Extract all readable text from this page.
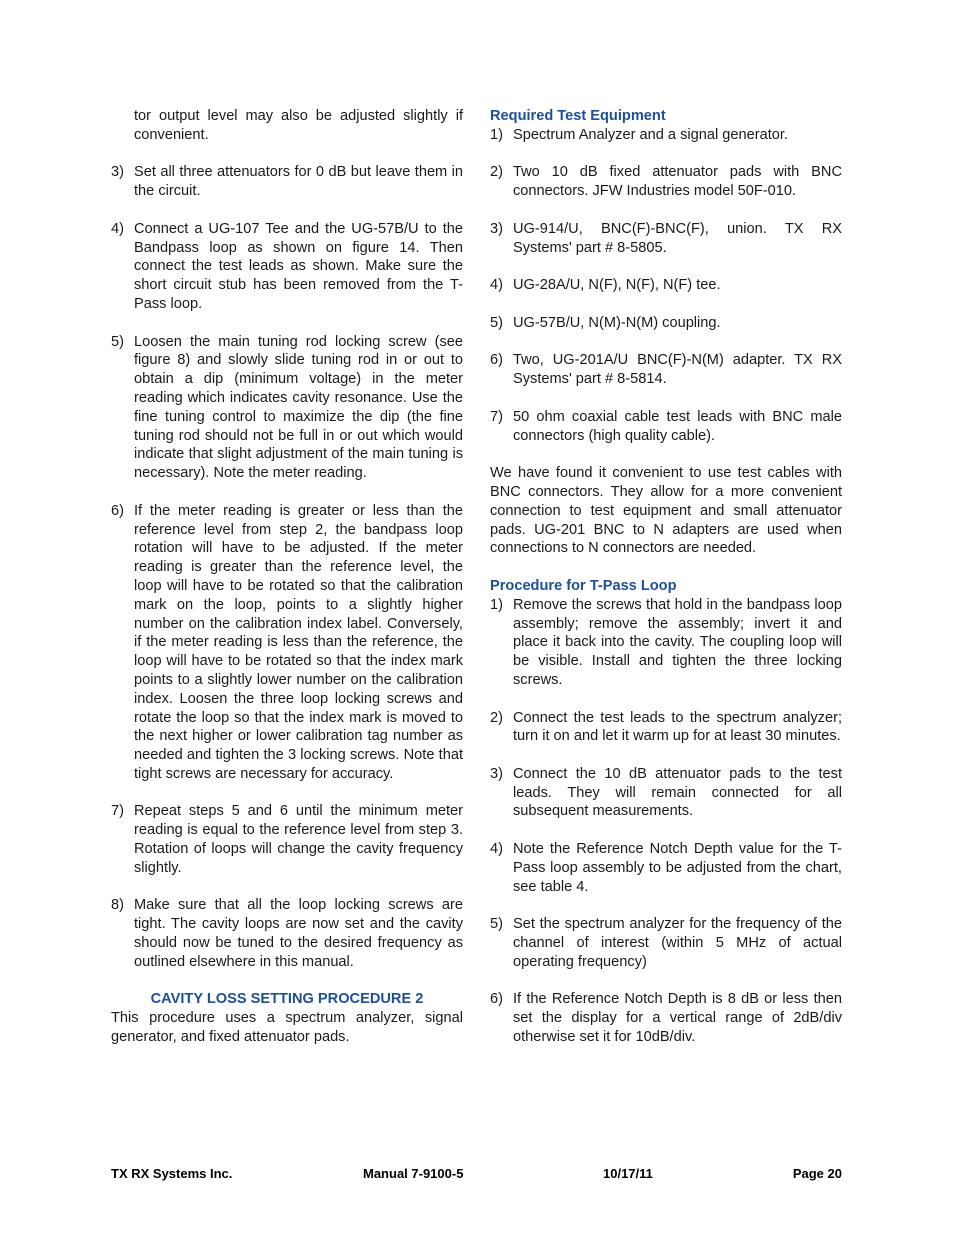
tor output level may also be adjusted slightly if convenient.

3) Set all three attenuators for 0 dB but leave them in the circuit.

4) Connect a UG-107 Tee and the UG-57B/U to the Bandpass loop as shown on figure 14. Then connect the test leads as shown. Make sure the short circuit stub has been removed from the T-Pass loop.

5) Loosen the main tuning rod locking screw (see figure 8) and slowly slide tuning rod in or out to obtain a dip (minimum voltage) in the meter reading which indicates cavity resonance. Use the fine tuning control to maximize the dip (the fine tuning rod should not be full in or out which would indicate that slight adjustment of the main tuning is necessary). Note the meter reading.

6) If the meter reading is greater or less than the reference level from step 2, the bandpass loop rotation will have to be adjusted. If the meter reading is greater than the reference level, the loop will have to be rotated so that the calibration mark on the loop, points to a slightly higher number on the calibration index label. Conversely, if the meter reading is less than the reference, the loop will have to be rotated so that the index mark points to a slightly lower number on the calibration index. Loosen the three loop locking screws and rotate the loop so that the index mark is moved to the next higher or lower calibration tag number as needed and tighten the 3 locking screws. Note that tight screws are necessary for accuracy.

7) Repeat steps 5 and 6 until the minimum meter reading is equal to the reference level from step 3. Rotation of loops will change the cavity frequency slightly.

8) Make sure that all the loop locking screws are tight. The cavity loops are now set and the cavity should now be tuned to the desired frequency as outlined elsewhere in this manual.

CAVITY LOSS SETTING PROCEDURE 2

This procedure uses a spectrum analyzer, signal generator, and fixed attenuator pads.

Required Test Equipment

1) Spectrum Analyzer and a signal generator.

2) Two 10 dB fixed attenuator pads with BNC connectors. JFW Industries model 50F-010.

3) UG-914/U, BNC(F)-BNC(F), union. TX RX Systems' part # 8-5805.

4) UG-28A/U, N(F), N(F), N(F) tee.

5) UG-57B/U, N(M)-N(M) coupling.

6) Two, UG-201A/U BNC(F)-N(M) adapter. TX RX Systems' part # 8-5814.

7) 50 ohm coaxial cable test leads with BNC male connectors (high quality cable).

We have found it convenient to use test cables with BNC connectors. They allow for a more convenient connection to test equipment and small attenuator pads. UG-201 BNC to N adapters are used when connections to N connectors are needed.

Procedure for T-Pass Loop

1) Remove the screws that hold in the bandpass loop assembly; remove the assembly; invert it and place it back into the cavity. The coupling loop will be visible. Install and tighten the three locking screws.

2) Connect the test leads to the spectrum analyzer; turn it on and let it warm up for at least 30 minutes.

3) Connect the 10 dB attenuator pads to the test leads. They will remain connected for all subsequent measurements.

4) Note the Reference Notch Depth value for the T-Pass loop assembly to be adjusted from the chart, see table 4.

5) Set the spectrum analyzer for the frequency of the channel of interest (within 5 MHz of actual operating frequency)

6) If the Reference Notch Depth is 8 dB or less then set the display for a vertical range of 2dB/div otherwise set it for 10dB/div.

TX RX Systems Inc.	Manual 7-9100-5	10/17/11	Page 20
